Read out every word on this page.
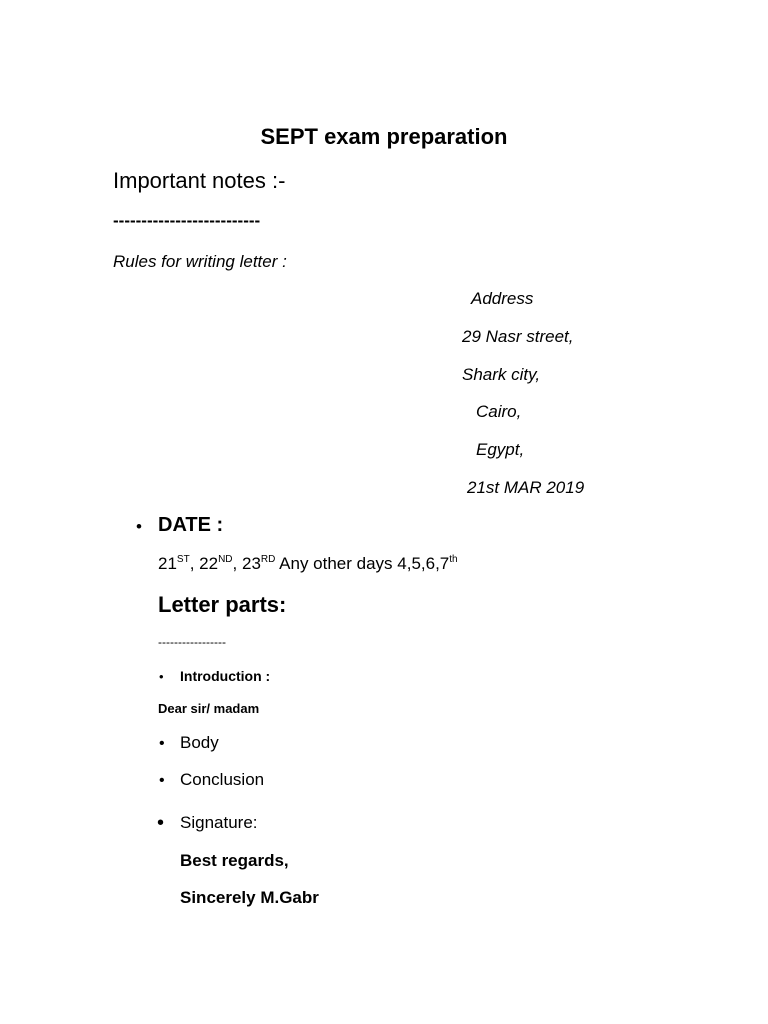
SEPT exam preparation
Important notes :-
--------------------------
Rules for writing letter :
Address
29 Nasr street,
Shark city,
Cairo,
Egypt,
21st MAR 2019
• DATE :
21ST, 22ND, 23RD Any other days 4,5,6,7th
Letter parts:
-----------------
• Introduction :
Dear sir/ madam
• Body
• Conclusion
• Signature:
Best regards,
Sincerely M.Gabr
